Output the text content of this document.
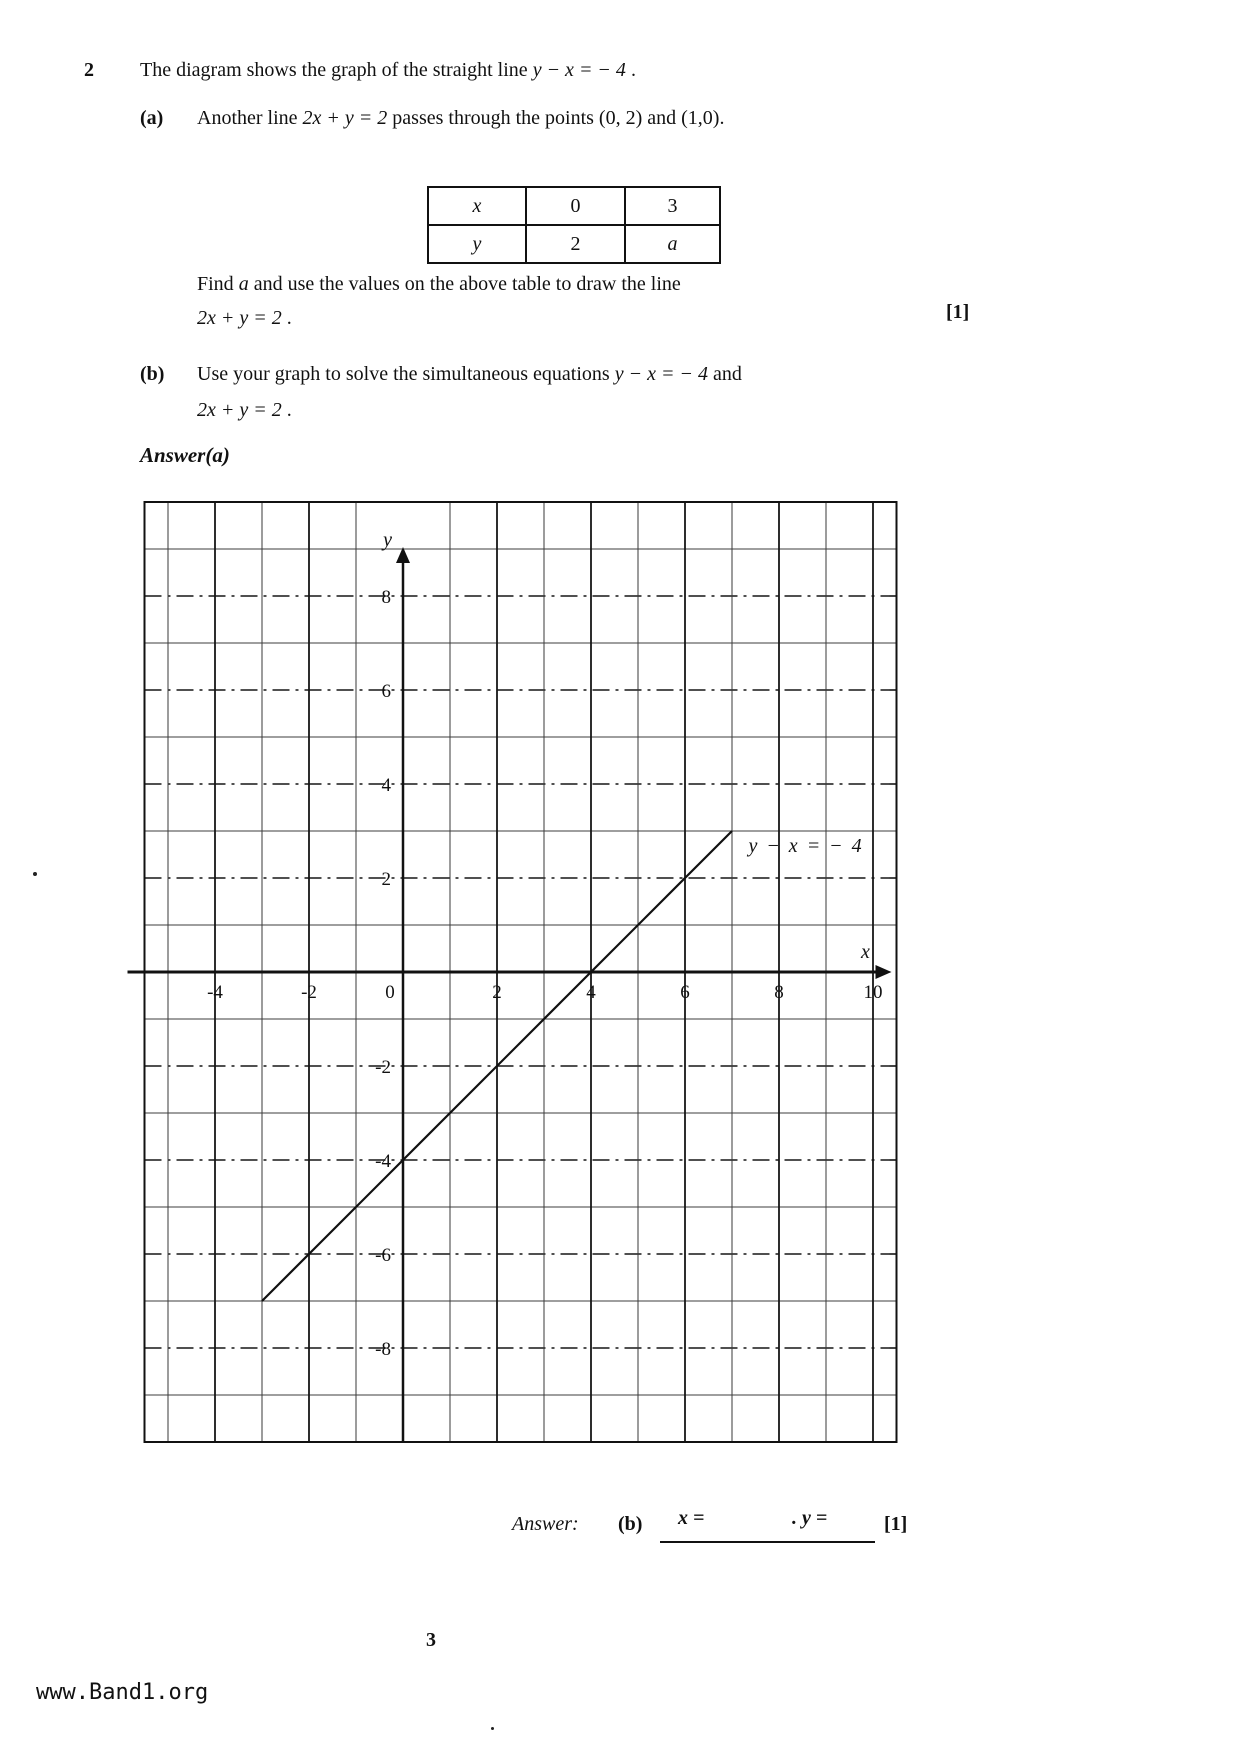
2 The diagram shows the graph of the straight line y − x = − 4 .
(a) Another line 2x + y = 2 passes through the points (0, 2) and (1,0).
x	0	3
y	2	a
Find a and use the values on the above table to draw the line
2x + y = 2 .	[1]
(b) Use your graph to solve the simultaneous equations y − x = − 4 and
2x + y = 2 .
Answer(a)
-4	-2	0	2	4	6	8	10
8
6
4
2
-2
-4
-6
-8
y
x
y − x = − 4
Answer: (b) x =	. y =	[1]
3
www.Band1.org
